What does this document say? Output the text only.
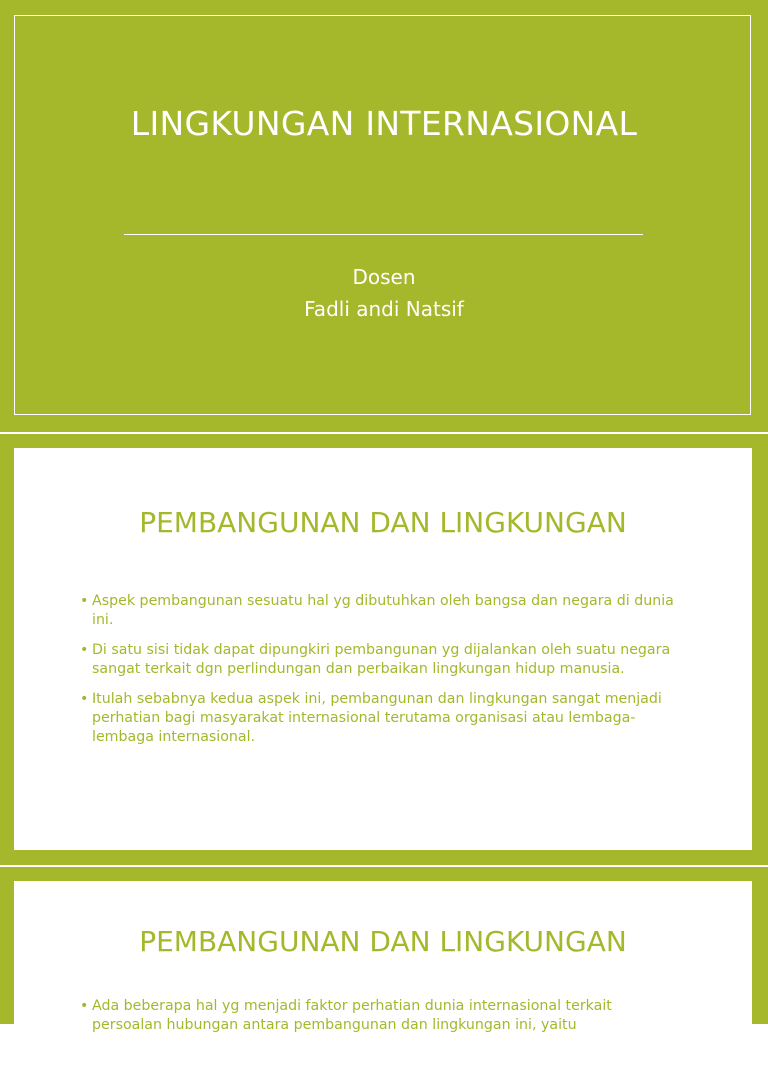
LINGKUNGAN INTERNASIONAL
Dosen
Fadli andi Natsif
PEMBANGUNAN DAN LINGKUNGAN
• Aspek pembangunan sesuatu hal yg dibutuhkan oleh bangsa dan negara di dunia ini.
• Di satu sisi tidak dapat dipungkiri pembangunan yg dijalankan oleh suatu negara sangat terkait dgn perlindungan dan perbaikan lingkungan hidup manusia.
• Itulah sebabnya kedua aspek ini, pembangunan dan lingkungan sangat menjadi perhatian bagi masyarakat internasional terutama organisasi atau lembaga-lembaga internasional.
PEMBANGUNAN DAN LINGKUNGAN
• Ada beberapa hal yg menjadi faktor perhatian dunia internasional terkait persoalan hubungan antara pembangunan dan lingkungan ini, yaitu
